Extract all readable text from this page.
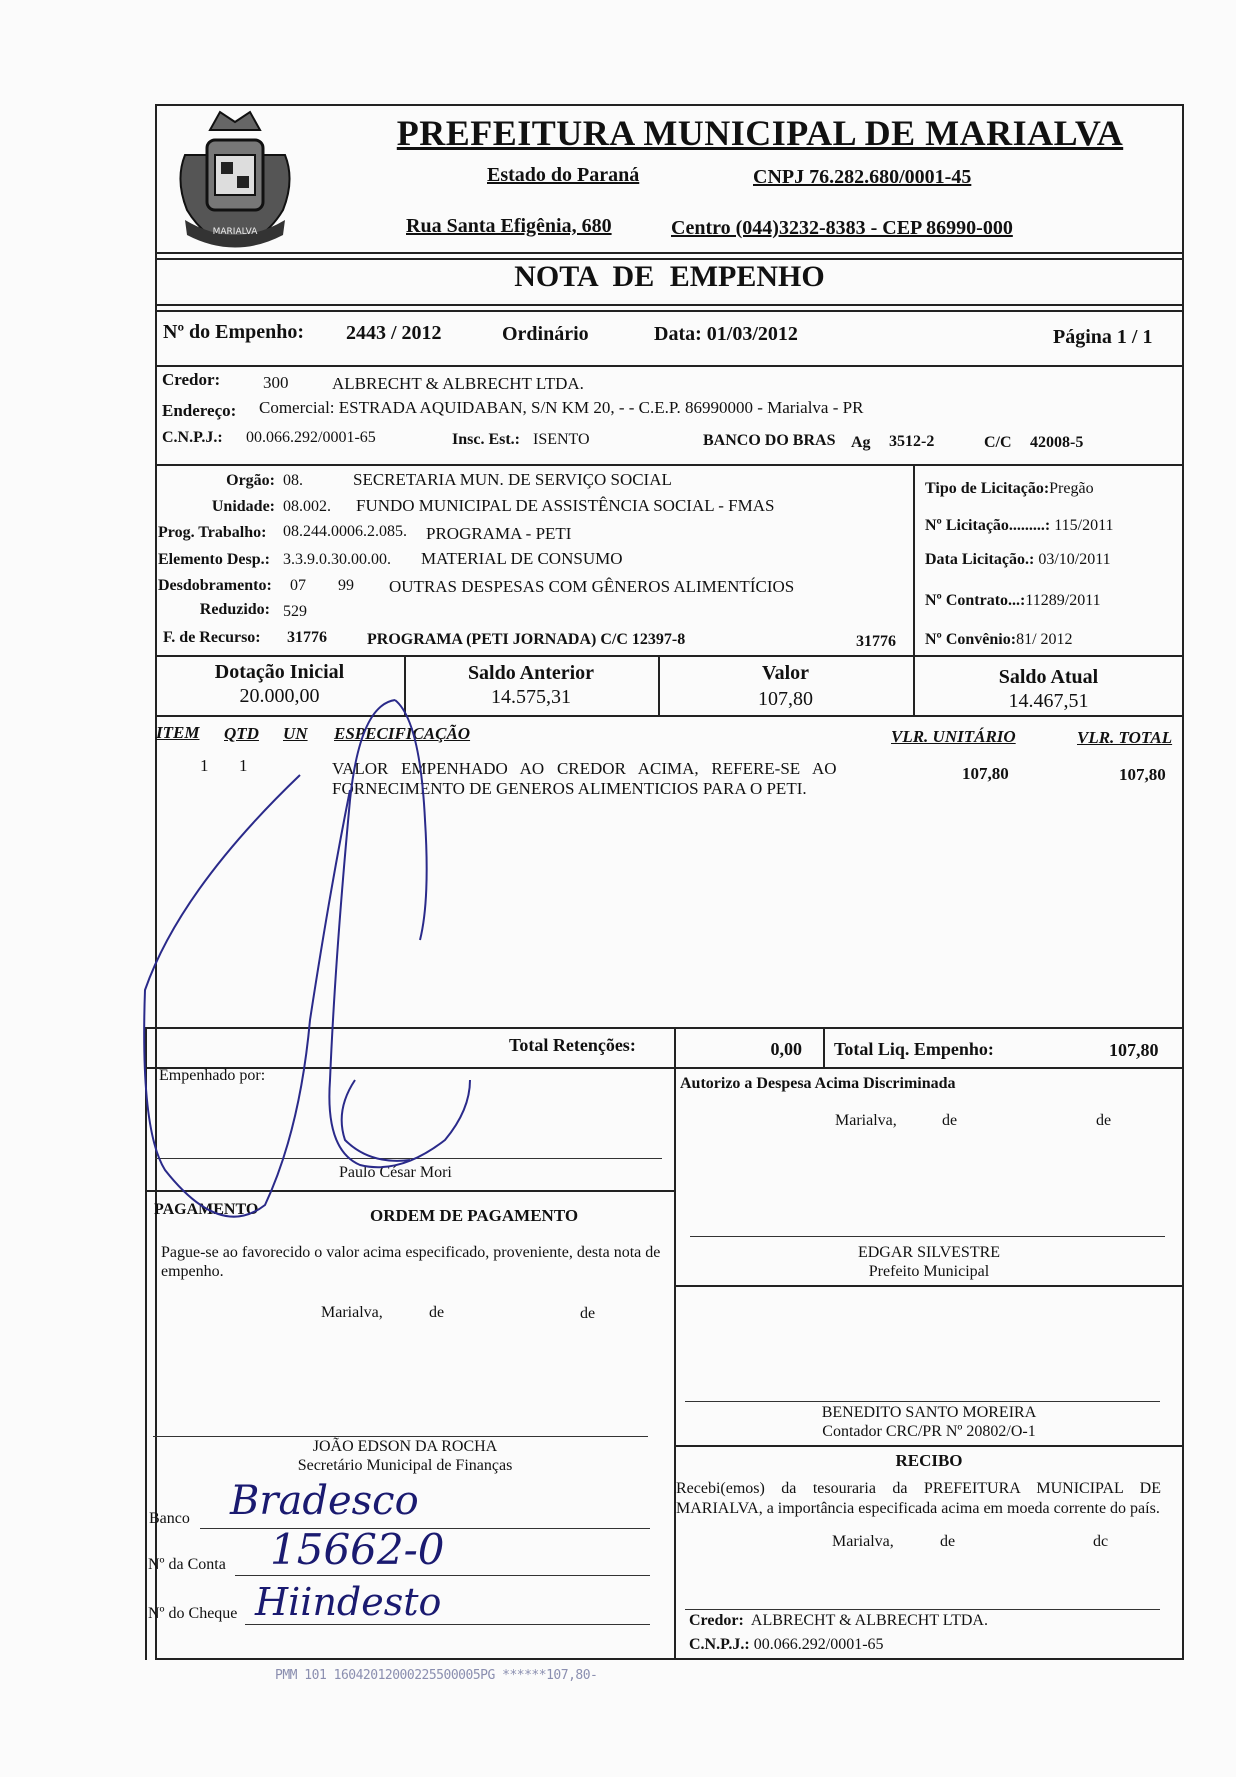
MARIALVA
PREFEITURA MUNICIPAL DE MARIALVA
Estado do Paraná	CNPJ 76.282.680/0001-45
Rua Santa Efigênia, 680	Centro (044)3232-8383 - CEP 86990-000
NOTA DE EMPENHO
Nº do Empenho: 2443 / 2012	Ordinário	Data: 01/03/2012	Página 1 / 1
Credor:	300	ALBRECHT & ALBRECHT LTDA.
Endereço: Comercial: ESTRADA AQUIDABAN, S/N KM 20, - - C.E.P. 86990000 - Marialva - PR
C.N.P.J.: 00.066.292/0001-65	Insc. Est.: ISENTO	BANCO DO BRAS Ag 3512-2	C/C 42008-5
Orgão: 08.	SECRETARIA MUN. DE SERVIÇO SOCIAL
Unidade: 08.002. FUNDO MUNICIPAL DE ASSISTÊNCIA SOCIAL - FMAS
Prog. Trabalho: 08.244.0006.2.085. PROGRAMA - PETI
Elemento Desp.: 3.3.9.0.30.00.00. MATERIAL DE CONSUMO
Desdobramento: 07 99 OUTRAS DESPESAS COM GÊNEROS ALIMENTÍCIOS
Reduzido: 529
F. de Recurso: 31776	PROGRAMA (PETI JORNADA) C/C 12397-8	31776
Tipo de Licitação:Pregão
Nº Licitação.........: 115/2011
Data Licitação.: 03/10/2011
Nº Contrato...:11289/2011
Nº Convênio:81/ 2012
Dotação Inicial
20.000,00
Saldo Anterior
14.575,31
Valor
107,80
Saldo Atual
14.467,51
ITEM QTD UN ESPECIFICAÇÃO	VLR. UNITÁRIO	VLR. TOTAL
1 1	VALOR   EMPENHADO   AO   CREDOR   ACIMA,   REFERE-SE   AO
FORNECIMENTO DE GENEROS ALIMENTICIOS PARA O PETI.
107,80	107,80
Total Retenções:	0,00 Total Liq. Empenho:	107,80
Empenhado por:
Paulo César Mori
Autorizo a Despesa Acima Discriminada
Marialva,	de	de
EDGAR SILVESTRE
Prefeito Municipal
BENEDITO SANTO MOREIRA
Contador CRC/PR Nº 20802/O-1
PAGAMENTO	ORDEM DE PAGAMENTO
Pague-se ao favorecido o valor acima especificado, proveniente, desta nota de empenho.
Marialva,	de	de
JOÃO EDSON DA ROCHA
Secretário Municipal de Finanças
Banco Bradesco
Nº da Conta 15662-0
Nº do Cheque Hiindesto
RECIBO
Recebi(emos) da tesouraria da PREFEITURA MUNICIPAL DE MARIALVA, a importância especificada acima em moeda corrente do país.
Marialva,	de	dc
Credor: ALBRECHT & ALBRECHT LTDA.
C.N.P.J.: 00.066.292/0001-65
PMM 101 16042012000225500005PG ******107,80-
